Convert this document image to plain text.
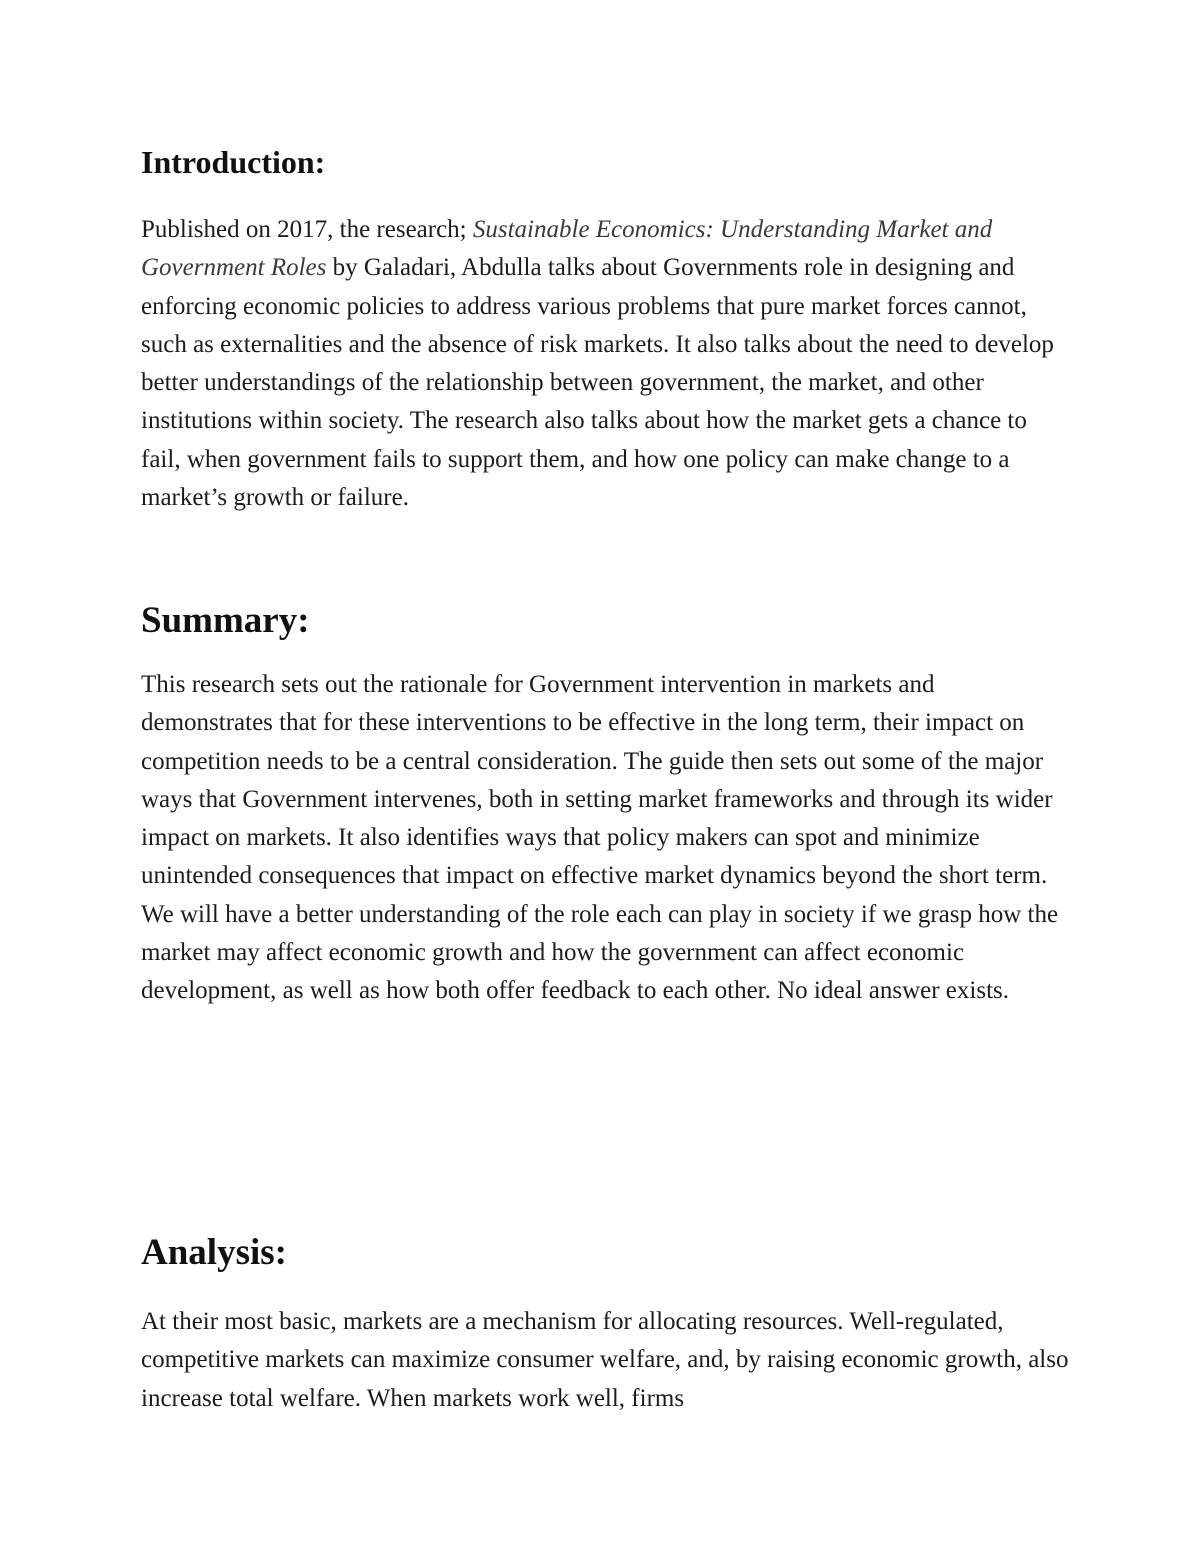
Introduction:

Published on 2017, the research; Sustainable Economics: Understanding Market and Government Roles by Galadari, Abdulla talks about Governments role in designing and enforcing economic policies to address various problems that pure market forces cannot, such as externalities and the absence of risk markets. It also talks about the need to develop better understandings of the relationship between government, the market, and other institutions within society. The research also talks about how the market gets a chance to fail, when government fails to support them, and how one policy can make change to a market’s growth or failure.

Summary:

This research sets out the rationale for Government intervention in markets and demonstrates that for these interventions to be effective in the long term, their impact on competition needs to be a central consideration. The guide then sets out some of the major ways that Government intervenes, both in setting market frameworks and through its wider impact on markets. It also identifies ways that policy makers can spot and minimize unintended consequences that impact on effective market dynamics beyond the short term. We will have a better understanding of the role each can play in society if we grasp how the market may affect economic growth and how the government can affect economic development, as well as how both offer feedback to each other. No ideal answer exists.

Analysis:

At their most basic, markets are a mechanism for allocating resources. Well-regulated, competitive markets can maximize consumer welfare, and, by raising economic growth, also increase total welfare. When markets work well, firms
